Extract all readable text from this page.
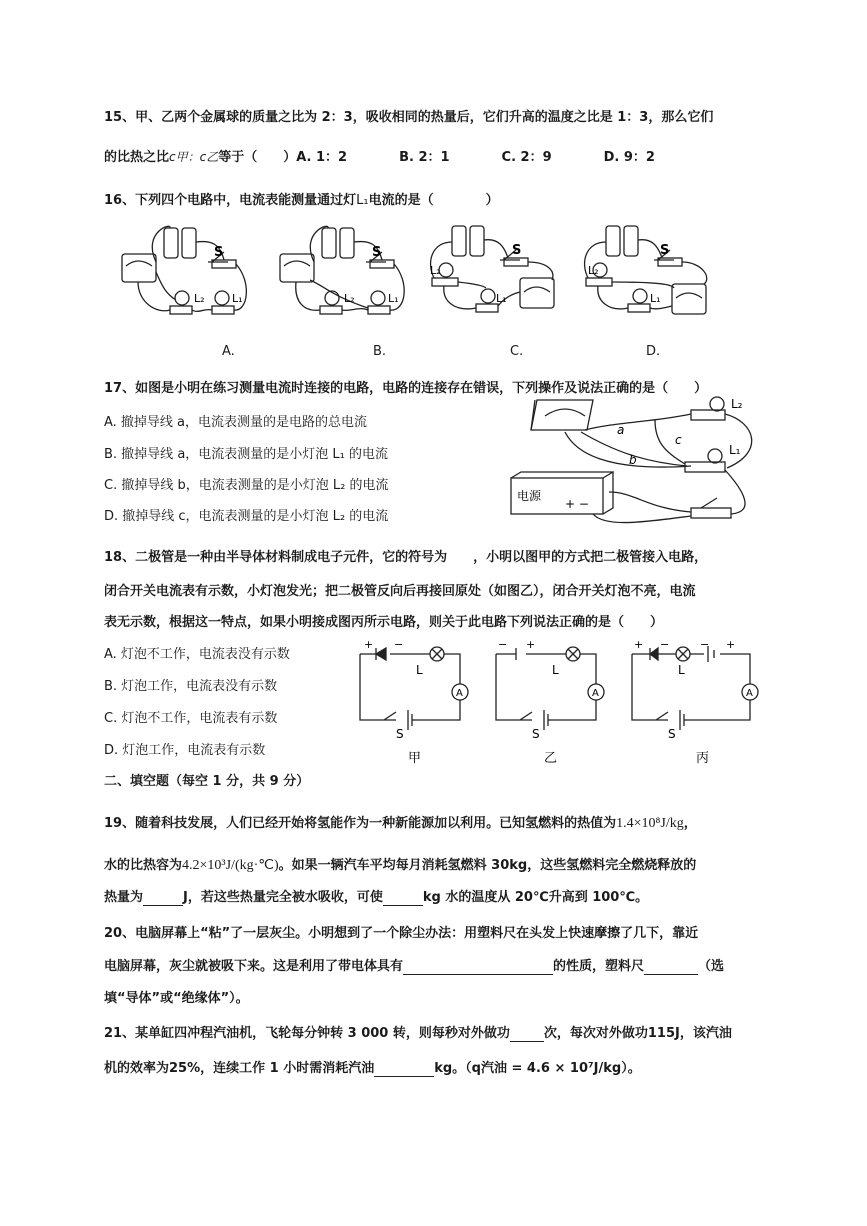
15、甲、乙两个金属球的质量之比为 2：3，吸收相同的热量后，它们升高的温度之比是 1：3，那么它们
的比热之比c甲：c乙等于（　　）A. 1：2　　　　B. 2：1　　　　C. 2：9　　　　D. 9：2
16、下列四个电路中，电流表能测量通过灯L₁电流的是（　　　　）
S
L₂ L₁
S
L₂	L₁
S
L₂
L₁
S
L₂
L₁
A.	B.	C.	D.
17、如图是小明在练习测量电流时连接的电路，电路的连接存在错误，下列操作及说法正确的是（　　）
A. 撤掉导线 a，电流表测量的是电路的总电流
B. 撤掉导线 a，电流表测量的是小灯泡 L₁ 的电流
C. 撤掉导线 b，电流表测量的是小灯泡 L₂ 的电流
D. 撤掉导线 c，电流表测量的是小灯泡 L₂ 的电流
a
b
c
L₂
L₁
电源
+ −
18、二极管是一种由半导体材料制成电子元件，它的符号为　　，小明以图甲的方式把二极管接入电路，
闭合开关电流表有示数，小灯泡发光；把二极管反向后再接回原处（如图乙），闭合开关灯泡不亮，电流
表无示数，根据这一特点，如果小明接成图丙所示电路，则关于此电路下列说法正确的是（　　）
A. 灯泡不工作，电流表没有示数
B. 灯泡工作，电流表没有示数
C. 灯泡不工作，电流表有示数
D. 灯泡工作，电流表有示数
+ −
L
A
S
甲
− +
L
A
S
乙
+ −	− +
L
A
S
丙
二、填空题（每空 1 分，共 9 分）
19、随着科技发展，人们已经开始将氢能作为一种新能源加以利用。已知氢燃料的热值为1.4×10⁸J/kg，
水的比热容为4.2×10³J/(kg·℃)。如果一辆汽车平均每月消耗氢燃料 30kg，这些氢燃料完全燃烧释放的
热量为	J，若这些热量完全被水吸收，可使	kg 水的温度从 20℃升高到 100℃。
20、电脑屏幕上“粘”了一层灰尘。小明想到了一个除尘办法：用塑料尺在头发上快速摩擦了几下，靠近
电脑屏幕，灰尘就被吸下来。这是利用了带电体具有	的性质，塑料尺	（选
填“导体”或“绝缘体”）。
21、某单缸四冲程汽油机，飞轮每分钟转 3 000 转，则每秒对外做功	次，每次对外做功115J，该汽油
机的效率为25%，连续工作 1 小时需消耗汽油	kg。（q汽油 = 4.6 × 10⁷J/kg）。
